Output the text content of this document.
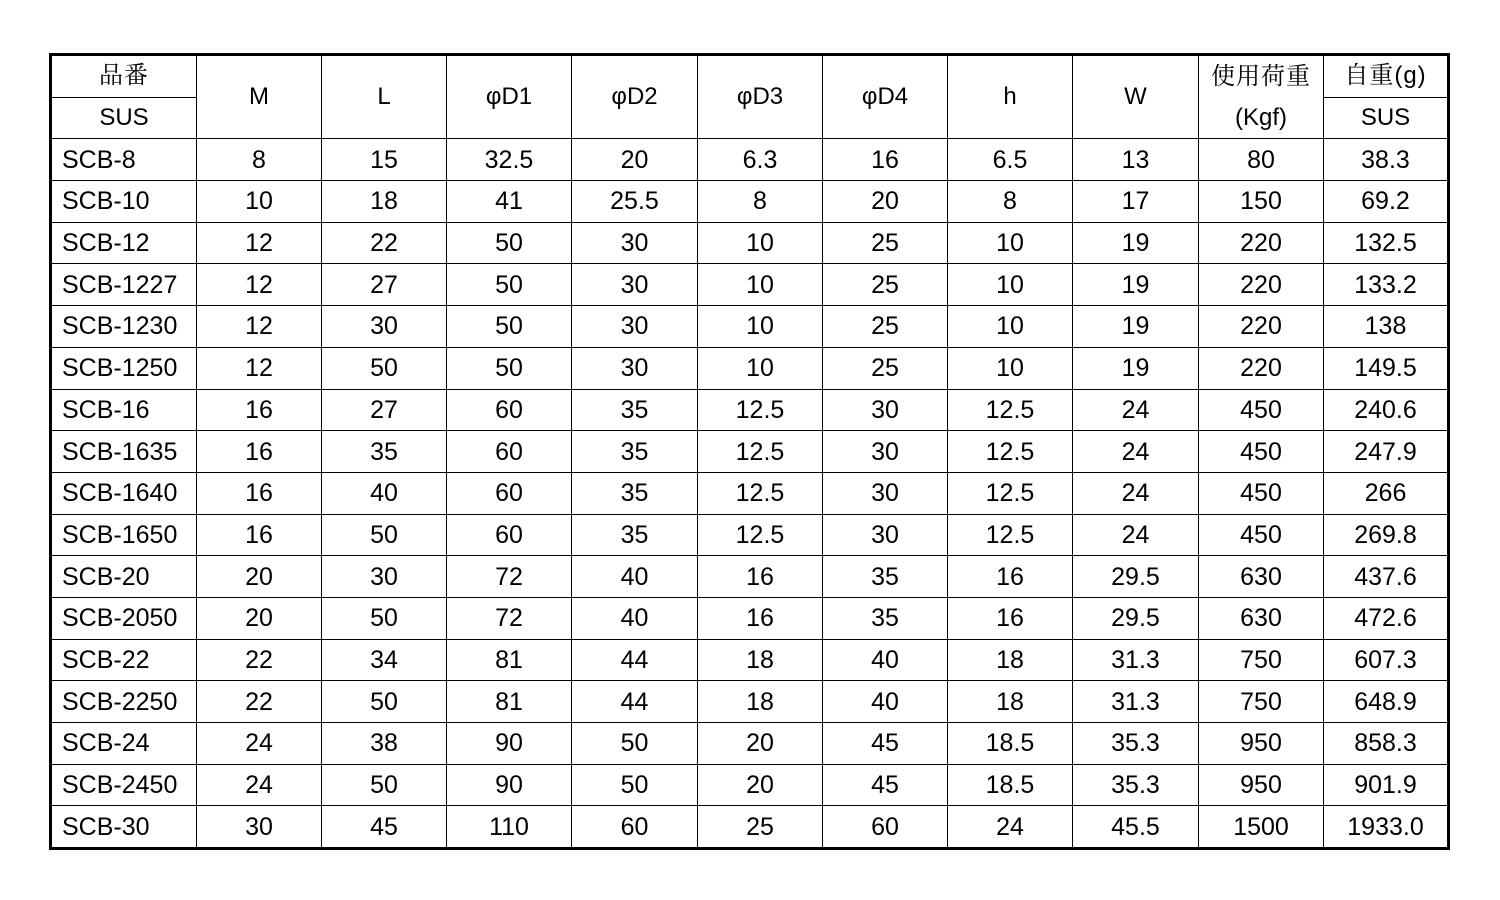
品番	M	L	φD1	φD2	φD3	φD4	h	W	使用荷重	自重(g)
SUS									(Kgf)	SUS
SCB-8	8	15	32.5	20	6.3	16	6.5	13	80	38.3
SCB-10	10	18	41	25.5	8	20	8	17	150	69.2
SCB-12	12	22	50	30	10	25	10	19	220	132.5
SCB-1227	12	27	50	30	10	25	10	19	220	133.2
SCB-1230	12	30	50	30	10	25	10	19	220	138
SCB-1250	12	50	50	30	10	25	10	19	220	149.5
SCB-16	16	27	60	35	12.5	30	12.5	24	450	240.6
SCB-1635	16	35	60	35	12.5	30	12.5	24	450	247.9
SCB-1640	16	40	60	35	12.5	30	12.5	24	450	266
SCB-1650	16	50	60	35	12.5	30	12.5	24	450	269.8
SCB-20	20	30	72	40	16	35	16	29.5	630	437.6
SCB-2050	20	50	72	40	16	35	16	29.5	630	472.6
SCB-22	22	34	81	44	18	40	18	31.3	750	607.3
SCB-2250	22	50	81	44	18	40	18	31.3	750	648.9
SCB-24	24	38	90	50	20	45	18.5	35.3	950	858.3
SCB-2450	24	50	90	50	20	45	18.5	35.3	950	901.9
SCB-30	30	45	110	60	25	60	24	45.5	1500	1933.0
